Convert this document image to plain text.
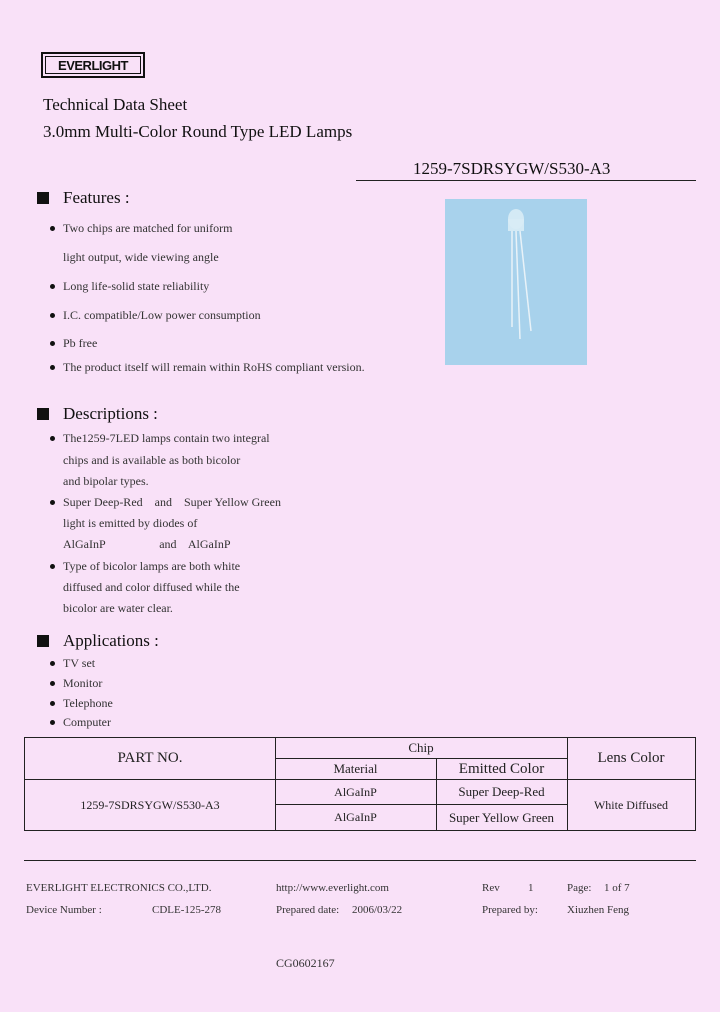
EVERLIGHT
Technical Data Sheet
3.0mm Multi-Color Round Type LED Lamps
1259-7SDRSYGW/S530-A3
Features :
Two chips are matched for uniform
light output, wide viewing angle
Long life-solid state reliability
I.C. compatible/Low power consumption
Pb free
The product itself will remain within RoHS compliant version.
Descriptions :
The1259-7LED lamps contain two integral
chips and is available as both bicolor
and bipolar types.
Super Deep-Red    and    Super Yellow Green
light is emitted by diodes of
AlGaInP                  and    AlGaInP
Type of bicolor lamps are both white
diffused and color diffused while the
bicolor are water clear.
Applications :
TV set
Monitor
Telephone
Computer
PART NO.
Chip
Material	Emitted Color
Lens Color
1259-7SDRSYGW/S530-A3
AlGaInP	Super Deep-Red
AlGaInP	Super Yellow Green
White Diffused
EVERLIGHT ELECTRONICS CO.,LTD.	http://www.everlight.com	Rev	1	Page: 1 of 7
Device Number :	CDLE-125-278	Prepared date: 2006/03/22	Prepared by:	Xiuzhen Feng
CG0602167
